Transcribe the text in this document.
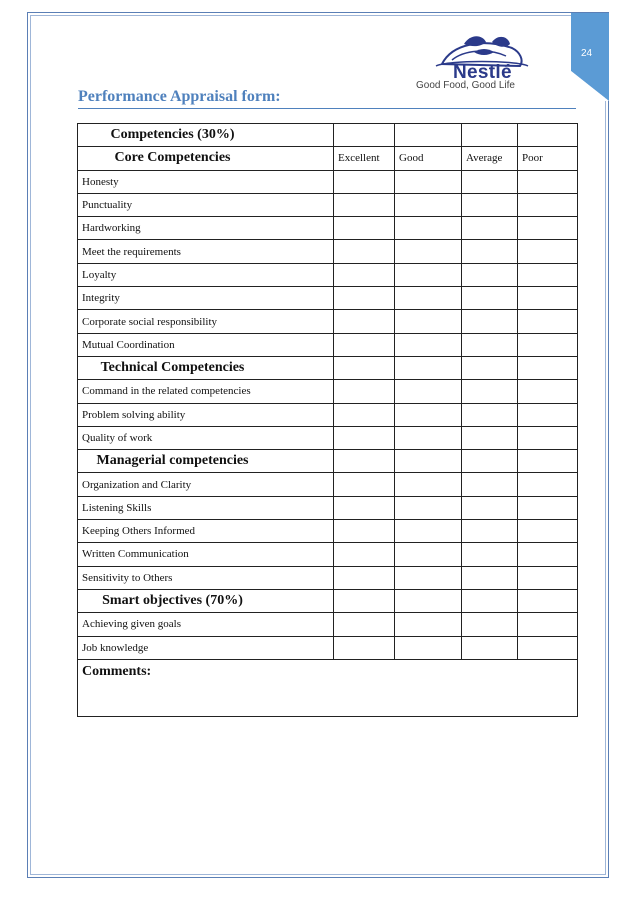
24
Nestlé
Good Food, Good Life
Performance Appraisal form:
Competencies (30%)				
Core Competencies	Excellent	Good	Average	Poor
Honesty				
Punctuality				
Hardworking				
Meet the requirements				
Loyalty				
Integrity				
Corporate social responsibility				
Mutual Coordination				
Technical Competencies				
Command in the related competencies				
Problem solving ability				
Quality of work				
Managerial competencies				
Organization and Clarity				
Listening Skills				
Keeping Others Informed				
Written Communication				
Sensitivity to Others				
Smart objectives (70%)				
Achieving given goals				
Job knowledge				
Comments:				
